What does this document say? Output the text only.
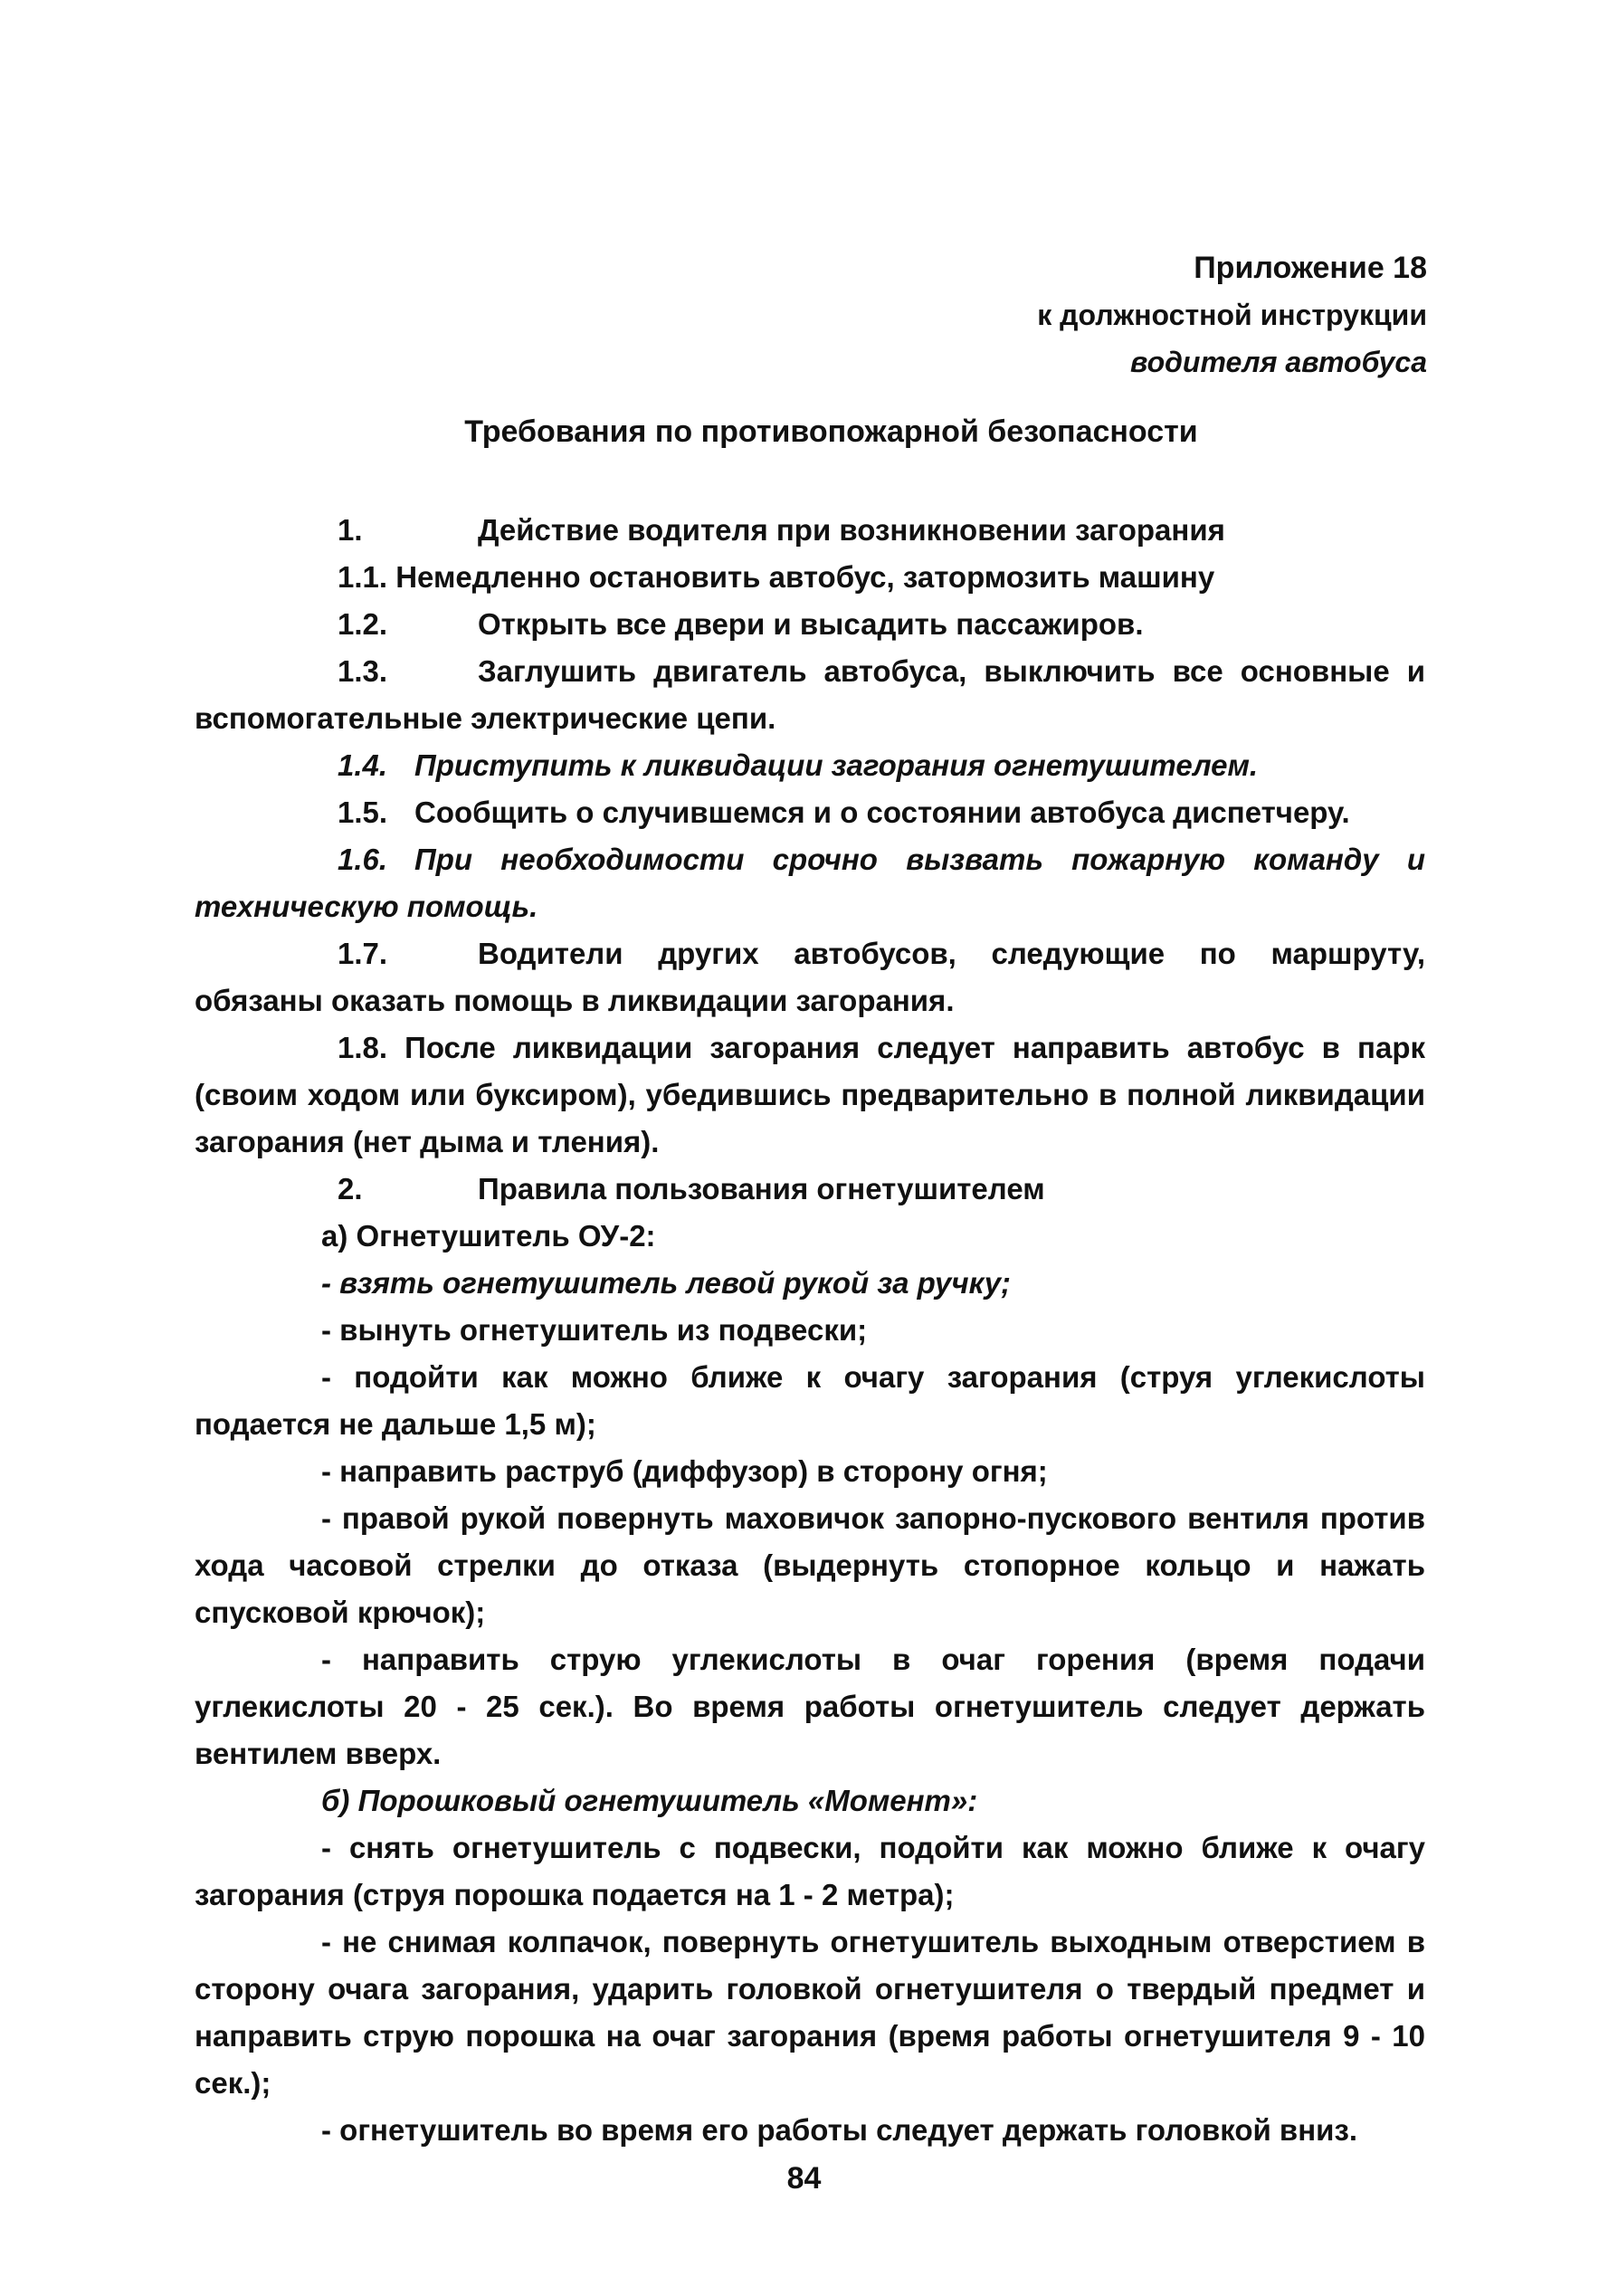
Приложение 18
к должностной инструкции
водителя автобуса
Требования по противопожарной безопасности

1.	Действие водителя при возникновении загорания

1.1. Немедленно остановить автобус, затормозить машину

1.2.	Открыть все двери и высадить пассажиров.

1.3.	Заглушить двигатель автобуса, выключить все основные и вспомогательные электрические цепи.

1.4. Приступить к ликвидации загорания огнетушителем.

1.5. Сообщить о случившемся и о состоянии автобуса диспетчеру.

1.6. При необходимости срочно вызвать пожарную команду и техническую помощь.

1.7.	Водители других автобусов, следующие по маршруту, обязаны оказать помощь в ликвидации загорания.

1.8. После ликвидации загорания следует направить автобус в парк (своим ходом или буксиром), убедившись предварительно в полной ликвидации загорания (нет дыма и тления).

2.	Правила пользования огнетушителем

а) Огнетушитель ОУ-2:

- взять огнетушитель левой рукой за ручку;

- вынуть огнетушитель из подвески;

- подойти как можно ближе к очагу загорания (струя углекислоты подается не дальше 1,5 м);

- направить раструб (диффузор) в сторону огня;

- правой рукой повернуть маховичок запорно-пускового вентиля против хода часовой стрелки до отказа (выдернуть стопорное кольцо и нажать спусковой крючок);

- направить струю углекислоты в очаг горения (время подачи углекислоты 20 - 25 сек.). Во время работы огнетушитель следует держать вентилем вверх.

б) Порошковый огнетушитель «Момент»:

- снять огнетушитель с подвески, подойти как можно ближе к очагу загорания (струя порошка подается на 1 - 2 метра);

- не снимая колпачок, повернуть огнетушитель выходным отверстием в сторону очага загорания, ударить головкой огнетушителя о твердый предмет и направить струю порошка на очаг загорания (время работы огнетушителя 9 - 10 сек.);

- огнетушитель во время его работы следует держать головкой вниз.

84
